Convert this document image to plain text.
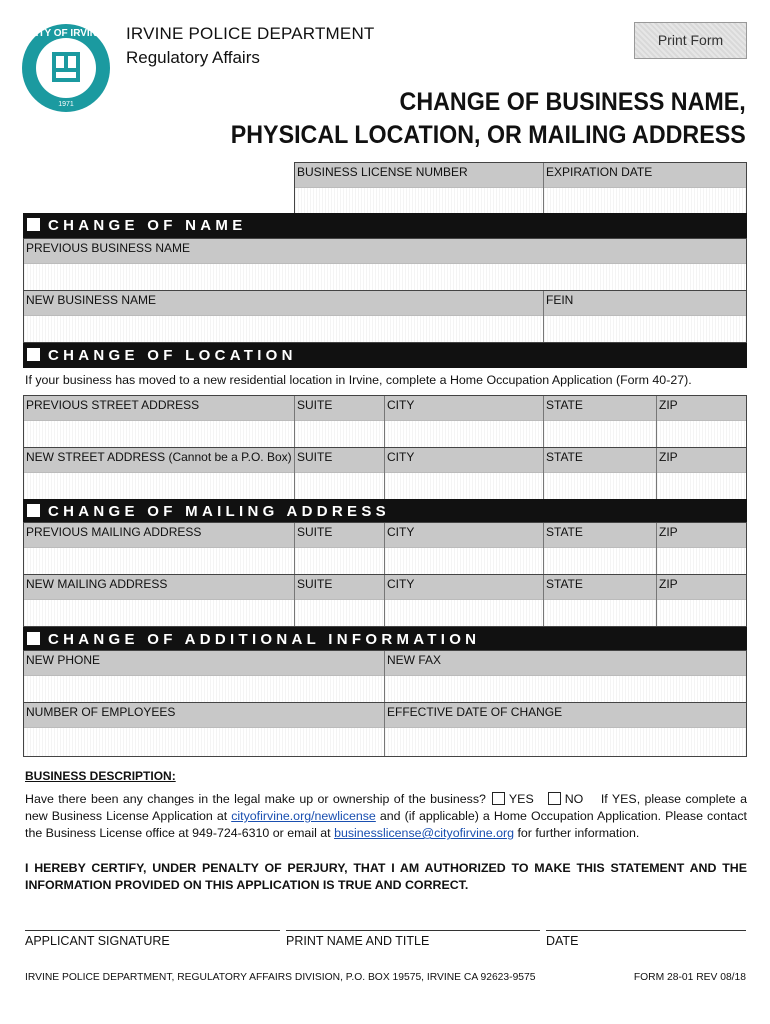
CITY OF IRVINE
1971
IRVINE POLICE DEPARTMENT
Regulatory Affairs
Print Form
CHANGE OF BUSINESS NAME,
PHYSICAL LOCATION, OR MAILING ADDRESS
BUSINESS LICENSE NUMBER	EXPIRATION DATE
CHANGE OF NAME
PREVIOUS BUSINESS NAME
NEW BUSINESS NAME	FEIN
CHANGE OF LOCATION
If your business has moved to a new residential location in Irvine, complete a Home Occupation Application (Form 40-27).
PREVIOUS STREET ADDRESS	SUITE	CITY	STATE	ZIP
NEW STREET ADDRESS (Cannot be a P.O. Box) SUITE	CITY	STATE	ZIP
CHANGE OF MAILING ADDRESS
PREVIOUS MAILING ADDRESS	SUITE	CITY	STATE	ZIP
NEW MAILING ADDRESS	SUITE	CITY	STATE	ZIP
CHANGE OF ADDITIONAL INFORMATION
NEW PHONE	NEW FAX
NUMBER OF EMPLOYEES	EFFECTIVE DATE OF CHANGE
BUSINESS DESCRIPTION:
Have there been any changes in the legal make up or ownership of the business? YES	NO If YES, please complete a new Business License Application at cityofirvine.org/newlicense and (if applicable) a Home Occupation Application. Please contact the Business License office at 949-724-6310 or email at businesslicense@cityofirvine.org for further information.
I HEREBY CERTIFY, UNDER PENALTY OF PERJURY, THAT I AM AUTHORIZED TO MAKE THIS STATEMENT AND THE INFORMATION PROVIDED ON THIS APPLICATION IS TRUE AND CORRECT.
APPLICANT SIGNATURE	PRINT NAME AND TITLE	DATE
IRVINE POLICE DEPARTMENT, REGULATORY AFFAIRS DIVISION, P.O. BOX 19575, IRVINE CA 92623-9575	FORM 28-01 REV 08/18
